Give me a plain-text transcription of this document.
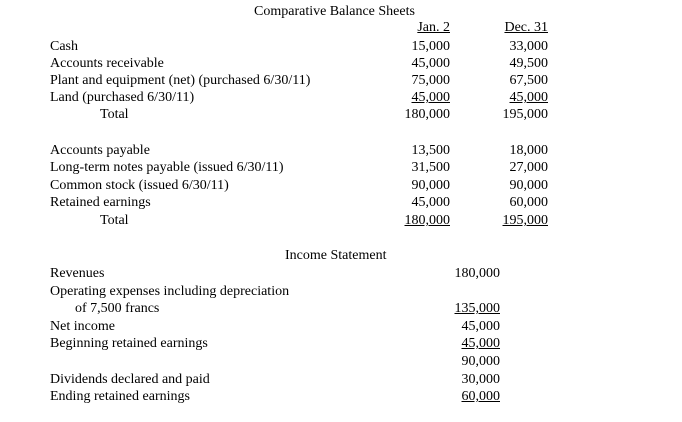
Comparative Balance Sheets
Jan. 2	Dec. 31
Cash	15,000	33,000
Accounts receivable	45,000	49,500
Plant and equipment (net) (purchased 6/30/11)	75,000	67,500
Land (purchased 6/30/11)	45,000	45,000
Total	180,000	195,000
Accounts payable	13,500	18,000
Long-term notes payable (issued 6/30/11)	31,500	27,000
Common stock (issued 6/30/11)	90,000	90,000
Retained earnings	45,000	60,000
Total	180,000	195,000
Income Statement
Revenues	180,000
Operating expenses including depreciation
of 7,500 francs	135,000
Net income	45,000
Beginning retained earnings	45,000
90,000
Dividends declared and paid	30,000
Ending retained earnings	60,000
